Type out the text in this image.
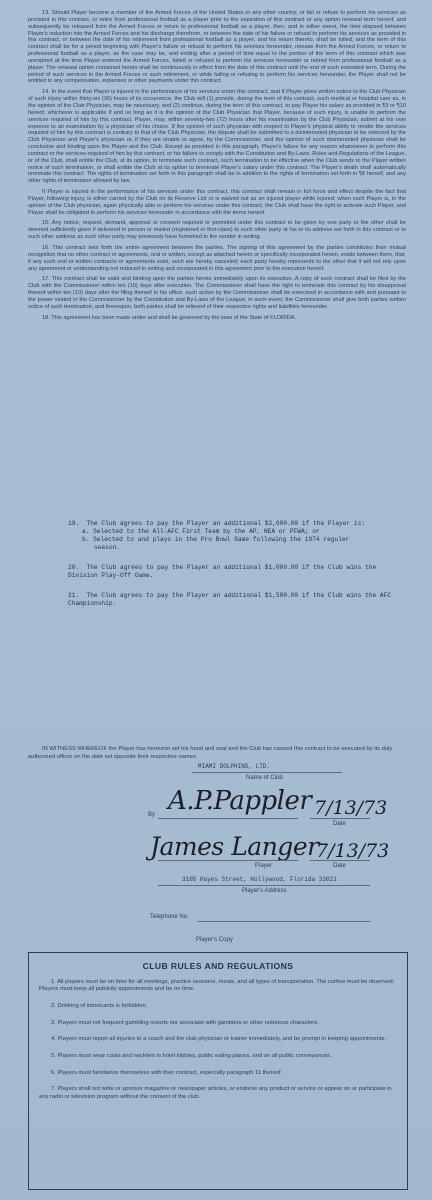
13. Should Player become a member of the Armed Forces of the United States or any other country, or fail or refuse to perform his services as provided in this contract, or retire from professional football as a player prior to the expiration of this contract or any option renewal term hereof, and subsequently be released from the Armed Forces or return to professional football as a player, then, and in either event, the time elapsed between Player's induction into the Armed Forces and his discharge therefrom, or between the date of his failure or refusal to perform his services as provided in this contract, or between the date of his retirement from professional football as a player, and his return thereto, shall be tolled, and the term of this contract shall be for a period beginning with Player's failure or refusal to perform his services hereunder, release from the Armed Forces, or return to professional football as a player, as the case may be, and ending after a period of time equal to the portion of the term of this contract which was unexpired at the time Player entered the Armed Forces, failed or refused to perform his services hereunder or retired from professional football as a player. The renewal option contained herein shall be continuously in effect from the date of this contract until the end of such extended term. During the period of such services in the Armed Forces or such retirement, or while failing or refusing to perform his services hereunder, the Player shall not be entitled to any compensation, expenses or other payments under this contract.

14. In the event that Player is injured in the performance of his services under this contract, and if Player gives written notice to the Club Physician of such injury within thirty-six (36) hours of its occurrence, the Club will (1) provide, during the term of this contract, such medical or hospital care as, in the opinion of the Club Physician, may be necessary, and (2) continue, during the term of this contract, to pay Player his salary as provided in ¶3 or ¶10 hereof, whichever is applicable if and so long as it is the opinion of the Club Physician that Player, because of such injury, is unable to perform the services required of him by this contract. Player, may, within seventy-two (72) hours after his examination by the Club Physician, submit at his own expense to an examination by a physician of his choice. If the opinion of such physician with respect to Player's physical ability to render the services required of him by this contract is contrary to that of the Club Physician, the dispute shall be submitted to a disinterested physician to be selected by the Club Physician and Player's physician or, if they are unable to agree, by the Commissioner, and the opinion of such disinterested physician shall be conclusive and binding upon the Player and the Club. Except as provided in this paragraph, Player's failure for any reason whatsoever to perform this contract or the services required of him by this contract, or his failure to comply with the Constitution and By-Laws, Rules and Regulations of the League, or of the Club, shall entitle the Club, at its option, to terminate such contract, such termination to be effective when the Club sends to the Player written notice of such termination, or shall entitle the Club at its option to terminate Player's salary under this contract. The Player's death shall automatically terminate this contract. The rights of termination set forth in this paragraph shall be in addition to the rights of termination set forth in ¶8 hereof, and any other rights of termination allowed by law.

If Player is injured in the performance of his services under this contract, this contract shall remain in full force and effect despite the fact that Player, following injury, is either carried by the Club on its Reserve List or is waived out as an injured player while injured; when such Player is, in the opinion of the Club physician, again physically able to perform his services under this contract, the Club shall have the right to activate such Player, and Player shall be obligated to perform his services hereunder in accordance with the terms hereof.

15. Any notice, request, demand, approval or consent required or permitted under this contract to be given by one party to the other shall be deemed sufficiently given if delivered in person or mailed (registered or first-class) to such other party at his or its address set forth in this contract or to such other address as such other party may previously have furnished to the sender in writing.

16. This contract sets forth the entire agreement between the parties. The signing of this agreement by the parties constitutes their mutual recognition that no other contract or agreements, oral or written, except as attached hereto or specifically incorporated herein, exists between them, that, if any such oral or written contracts or agreements exist, such are hereby canceled; each party hereby represents to the other that it will not rely upon any agreement or understanding not reduced to writing and incorporated in this agreement prior to the execution hereof.

17. This contract shall be valid and binding upon the parties hereto immediately upon its execution. A copy of such contract shall be filed by the Club with the Commissioner within ten (10) days after execution. The Commissioner shall have the right to terminate this contract by his disapproval thereof within ten (10) days after the filing thereof in his office; such action by the Commissioner shall be exercised in accordance with and pursuant to the power vested in the Commissioner by the Constitution and By-Laws of the League; in such event, the Commissioner shall give both parties written notice of such termination, and thereupon, both parties shall be relieved of their respective rights and liabilities hereunder.

18. This agreement has been made under and shall be governed by the laws of the State of FLORIDA.

19.  The Club agrees to pay the Player an additional $2,000.00 if the Player is:
a. Selected to the All-AFC First Team by the AP, NEA or PFWA; or
b. Selected to and plays in the Pro Bowl Game following the 1974 reguler
season.
20.  The Club agrees to pay the Player an additional $1,000.00 if the Club wins the Division Play-Off Game.
21.  The Club agrees to pay the Player an additional $1,500.00 if the Club wins the AFC Championship.
IN WITNESS WHEREOF the Player has hereunto set his hand and seal and the Club has caused this contract to be executed by its duly authorized officer on the date set opposite their respective names.
MIAMI DOLPHINS, LTD.
Name of Club
By A.P.Pappler 7/13/73
Date
James Langer
7/13/73
Player	Date
3105 Hayes Street, Hollywood, Florida 33021
Player's Address
Telephone No.
Player's Copy
CLUB RULES AND REGULATIONS

1. All players must be on time for all meetings, practice sessions, meals, and all types of transportation. The curfew must be observed. Players must keep all publicity appointments and be on time.

2. Drinking of intoxicants is forbidden.

3. Players must not frequent gambling resorts nor associate with gamblers or other notorious characters.

4. Players must report all injuries to a coach and the club physician or trainer immediately, and be prompt in keeping appointments.

5. Players must wear coats and neckties in hotel lobbies, public eating places, and on all public conveyances.

6. Players must familiarize themselves with their contract, especially paragraph 11 thereof.

7. Players shall not write or sponsor magazine or newspaper articles, or endorse any product or service or appear on or participate in any radio or television program without the consent of the club.
